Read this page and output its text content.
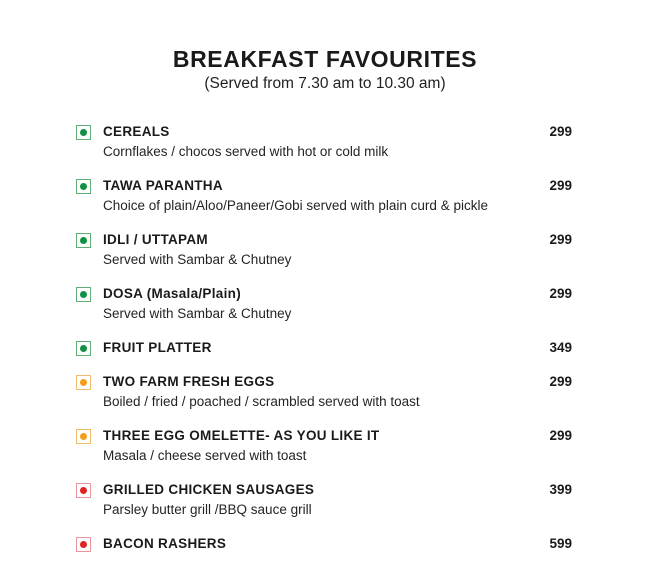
BREAKFAST FAVOURITES
(Served from 7.30 am to 10.30 am)
CEREALS	299
Cornflakes / chocos served with hot or cold milk
TAWA PARANTHA	299
Choice of plain/Aloo/Paneer/Gobi served with plain curd & pickle
IDLI / UTTAPAM	299
Served with Sambar & Chutney
DOSA (Masala/Plain)	299
Served with Sambar & Chutney
FRUIT PLATTER	349
TWO FARM FRESH EGGS	299
Boiled / fried / poached / scrambled served with toast
THREE EGG OMELETTE- AS YOU LIKE IT	299
Masala / cheese served with toast
GRILLED CHICKEN SAUSAGES	399
Parsley butter grill /BBQ sauce grill
BACON RASHERS	599
